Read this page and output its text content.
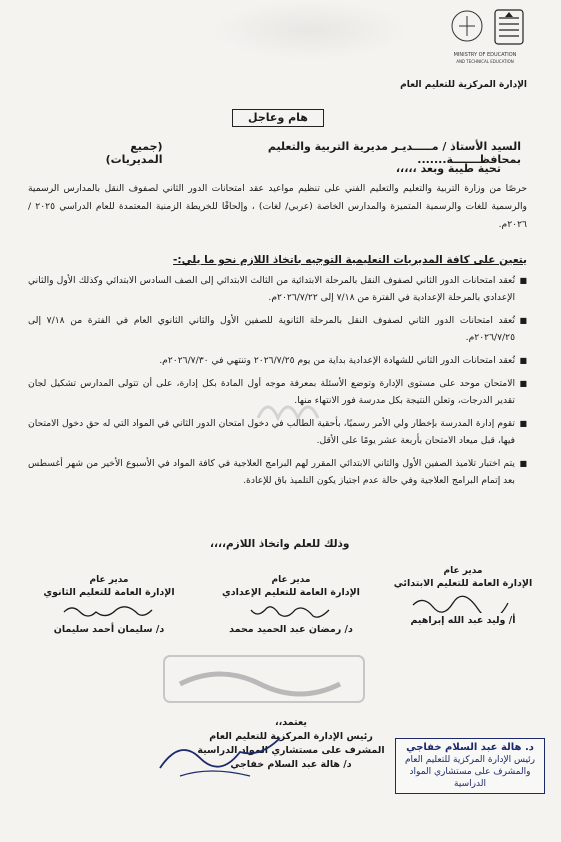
MINISTRY OF EDUCATION
AND TECHNICAL EDUCATION
الإدارة المركزية للتعليم العام
هام وعاجل
السيد الأستاذ / مـــــديـر مديرية التربية والتعليم بمحافظـــــــة.......
(جميع المديريات)
تحية طيبة وبعد ،،،،،

حرصًا من وزارة التربية والتعليم والتعليم الفني على تنظيم مواعيد عقد امتحانات الدور الثاني لصفوف النقل بالمدارس الرسمية والرسمية للغات والرسمية المتميزة والمدارس الخاصة (عربي/ لغات) ، وإلحاقًا للخريطة الزمنية المعتمدة للعام الدراسي ٢٠٢٥ /٢٠٢٦م.

يتعين على كافة المديريات التعليمية التوجيه باتخاذ اللازم نحو ما يلي:-
■
تُعقد امتحانات الدور الثاني لصفوف النقل بالمرحلة الابتدائية من الثالث الابتدائي إلى الصف السادس الابتدائي وكذلك الأول والثاني الإعدادي بالمرحلة الإعدادية في الفترة من ٧/١٨ إلى ٢٠٢٦/٧/٢٢م.
■
تُعقد امتحانات الدور الثاني لصفوف النقل بالمرحلة الثانوية للصفين الأول والثاني الثانوي العام في الفترة من ٧/١٨ إلى ٢٠٢٦/٧/٢٥م.
■
تُعقد امتحانات الدور الثاني للشهادة الإعدادية بداية من يوم ٢٠٢٦/٧/٢٥ وتنتهي في ٢٠٢٦/٧/٣٠م.
■
الامتحان موحد على مستوى الإدارة وتوضع الأسئلة بمعرفة موجه أول المادة بكل إدارة، على أن تتولى المدارس تشكيل لجان تقدير الدرجات، وتعلن النتيجة بكل مدرسة فور الانتهاء منها.
■
تقوم إدارة المدرسة بإخطار ولي الأمر رسميًا، بأحقية الطالب في دخول امتحان الدور الثاني في المواد التي له حق دخول الامتحان فيها، قبل ميعاد الامتحان بأربعة عشر يومًا على الأقل.
■
يتم اختبار تلاميذ الصفين الأول والثاني الابتدائي المقرر لهم البرامج العلاجية في كافة المواد في الأسبوع الأخير من شهر أغسطس بعد إتمام البرامج العلاجية وفي حالة عدم اجتياز يكون التلميذ باق للإعادة.
وذلك للعلم واتخاذ اللازم،،،،
مدير عام
الإدارة العامة للتعليم الابتدائي
أ/ وليد عبد الله إبراهيم
مدير عام
الإدارة العامة للتعليم الإعدادي
د/ رمضان عبد الحميد محمد
مدير عام
الإدارة العامة للتعليم الثانوي
د/ سليمان أحمد سليمان
يعتمد،،
رئيس الإدارة المركزية للتعليم العام
المشرف على مستشاري المواد الدراسية
د/ هالة عبد السلام خفاجي
د. هالة عبد السلام خفاجي
رئيس الإدارة المركزية للتعليم العام
والمشرف على مستشاري المواد الدراسية
